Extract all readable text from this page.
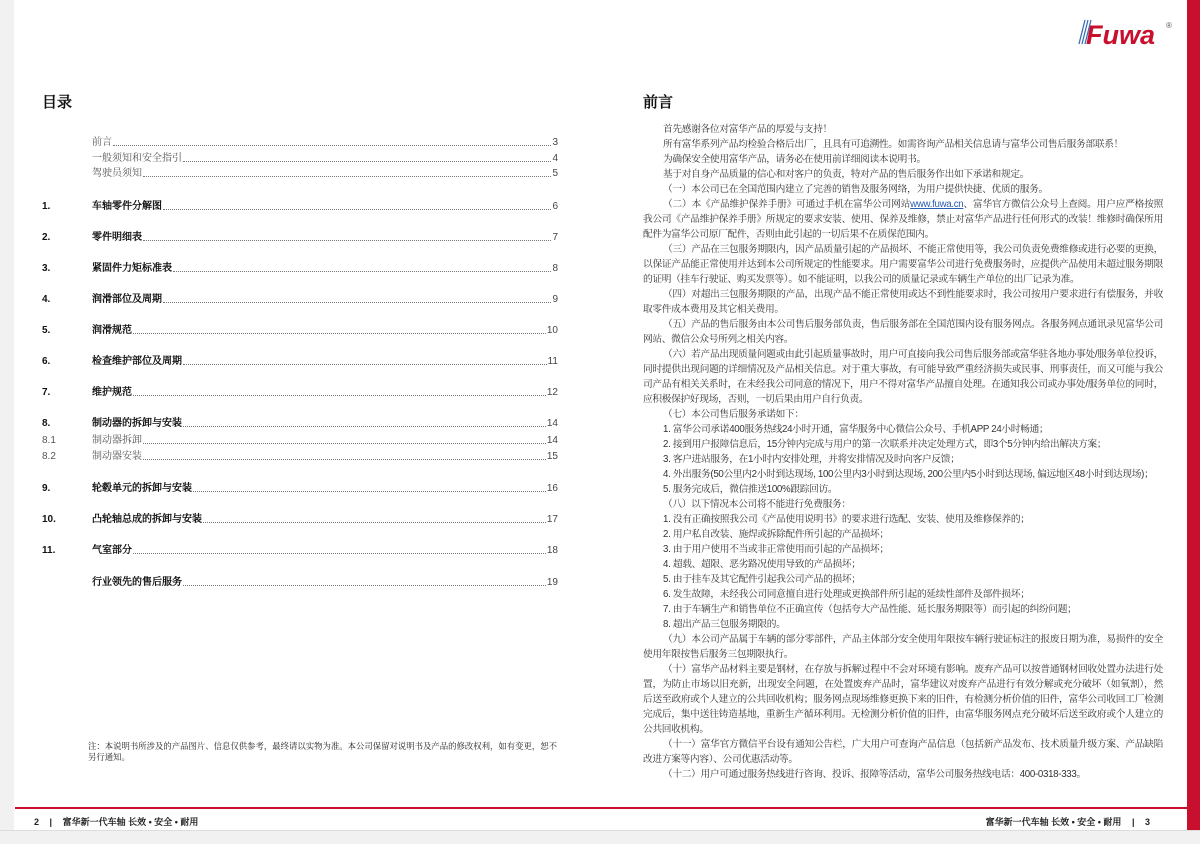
Fuwa ®
目录
前言	3
一般须知和安全指引	4
驾驶员须知	5
1.	车轴零件分解图	6
2.	零件明细表	7
3.	紧固件力矩标准表	8
4.	润滑部位及周期	9
5.	润滑规范	10
6.	检查维护部位及周期	11
7.	维护规范	12
8.	制动器的拆卸与安装	14
8.1	制动器拆卸	14
8.2	制动器安装	15
9.	轮毂单元的拆卸与安装	16
10.	凸轮轴总成的拆卸与安装	17
11.	气室部分	18
行业领先的售后服务	19
注：本说明书所涉及的产品图片、信息仅供参考，最终请以实物为准。本公司保留对说明书及产品的修改权利，如有变更，恕不另行通知。
2 | 富华新一代车轴 长效 • 安全 • 耐用
前言

首先感谢各位对富华产品的厚爱与支持！

所有富华系列产品均检验合格后出厂，且具有可追溯性。如需咨询产品相关信息请与富华公司售后服务部联系！

为确保安全使用富华产品，请务必在使用前详细阅读本说明书。

基于对自身产品质量的信心和对客户的负责，特对产品的售后服务作出如下承诺和规定。

（一）本公司已在全国范围内建立了完善的销售及服务网络，为用户提供快捷、优质的服务。

（二）本《产品维护保养手册》可通过手机在富华公司网站www.fuwa.cn、富华官方微信公众号上查阅。用户应严格按照我公司《产品维护保养手册》所规定的要求安装、使用、保养及维修，禁止对富华产品进行任何形式的改装！维修时确保所用配件为富华公司原厂配件，否则由此引起的一切后果不在质保范围内。

（三）产品在三包服务期限内，因产品质量引起的产品损坏、不能正常使用等，我公司负责免费维修或进行必要的更换，以保证产品能正常使用并达到本公司所规定的性能要求。用户需要富华公司进行免费服务时，应提供产品使用未超过服务期限的证明（挂车行驶证、购买发票等）。如不能证明，以我公司的质量记录或车辆生产单位的出厂记录为准。

（四）对超出三包服务期限的产品，出现产品不能正常使用或达不到性能要求时，我公司按用户要求进行有偿服务，并收取零件成本费用及其它相关费用。

（五）产品的售后服务由本公司售后服务部负责，售后服务部在全国范围内设有服务网点。各服务网点通讯录见富华公司网站、微信公众号所列之相关内容。

（六）若产品出现质量问题或由此引起质量事故时，用户可直接向我公司售后服务部或富华驻各地办事处/服务单位投诉，同时提供出现问题的详细情况及产品相关信息。对于重大事故，有可能导致严重经济损失或民事、刑事责任，而又可能与我公司产品有相关关系时，在未经我公司同意的情况下，用户不得对富华产品擅自处理。在通知我公司或办事处/服务单位的同时，应积极保护好现场，否则，一切后果由用户自行负责。

（七）本公司售后服务承诺如下：

1. 富华公司承诺400服务热线24小时开通，富华服务中心微信公众号、手机APP 24小时畅通；

2. 接到用户报障信息后，15分钟内完成与用户的第一次联系并决定处理方式，即3个5分钟内给出解决方案；

3. 客户进站服务，在1小时内安排处理，并将安排情况及时向客户反馈；

4. 外出服务(50公里内2小时到达现场, 100公里内3小时到达现场, 200公里内5小时到达现场, 偏远地区48小时到达现场)；

5. 服务完成后，微信推送100%跟踪回访。

（八）以下情况本公司将不能进行免费服务：

1. 没有正确按照我公司《产品使用说明书》的要求进行选配、安装、使用及维修保养的；

2. 用户私自改装、施焊或拆除配件所引起的产品损坏；

3. 由于用户使用不当或非正常使用而引起的产品损坏；

4. 超载、超限、恶劣路况使用导致的产品损坏；

5. 由于挂车及其它配件引起我公司产品的损坏；

6. 发生故障，未经我公司同意擅自进行处理或更换部件所引起的延续性部件及部件损坏；

7. 由于车辆生产和销售单位不正确宣传（包括夸大产品性能、延长服务期限等）而引起的纠纷问题；

8. 超出产品三包服务期限的。

（九）本公司产品属于车辆的部分零部件，产品主体部分安全使用年限按车辆行驶证标注的报废日期为准，易损件的安全使用年限按售后服务三包期限执行。

（十）富华产品材料主要是钢材，在存放与拆解过程中不会对环境有影响。废弃产品可以按普通钢材回收处置办法进行处置，为防止市场以旧充新，出现安全问题，在处置废弃产品时，富华建议对废弃产品进行有效分解或充分破坏（如氧割），然后送至政府或个人建立的公共回收机构；服务网点现场维修更换下来的旧件，有检测分析价值的旧件，富华公司收回工厂检测完成后，集中送往铸造基地，重新生产循环利用。无检测分析价值的旧件，由富华服务网点充分破坏后送至政府或个人建立的公共回收机构。

（十一）富华官方微信平台设有通知公告栏，广大用户可查询产品信息（包括新产品发布、技术质量升级方案、产品缺陷改进方案等内容）、公司优惠活动等。

（十二）用户可通过服务热线进行咨询、投诉、报障等活动，富华公司服务热线电话：400-0318-333。

富华新一代车轴 长效 • 安全 • 耐用 | 3
